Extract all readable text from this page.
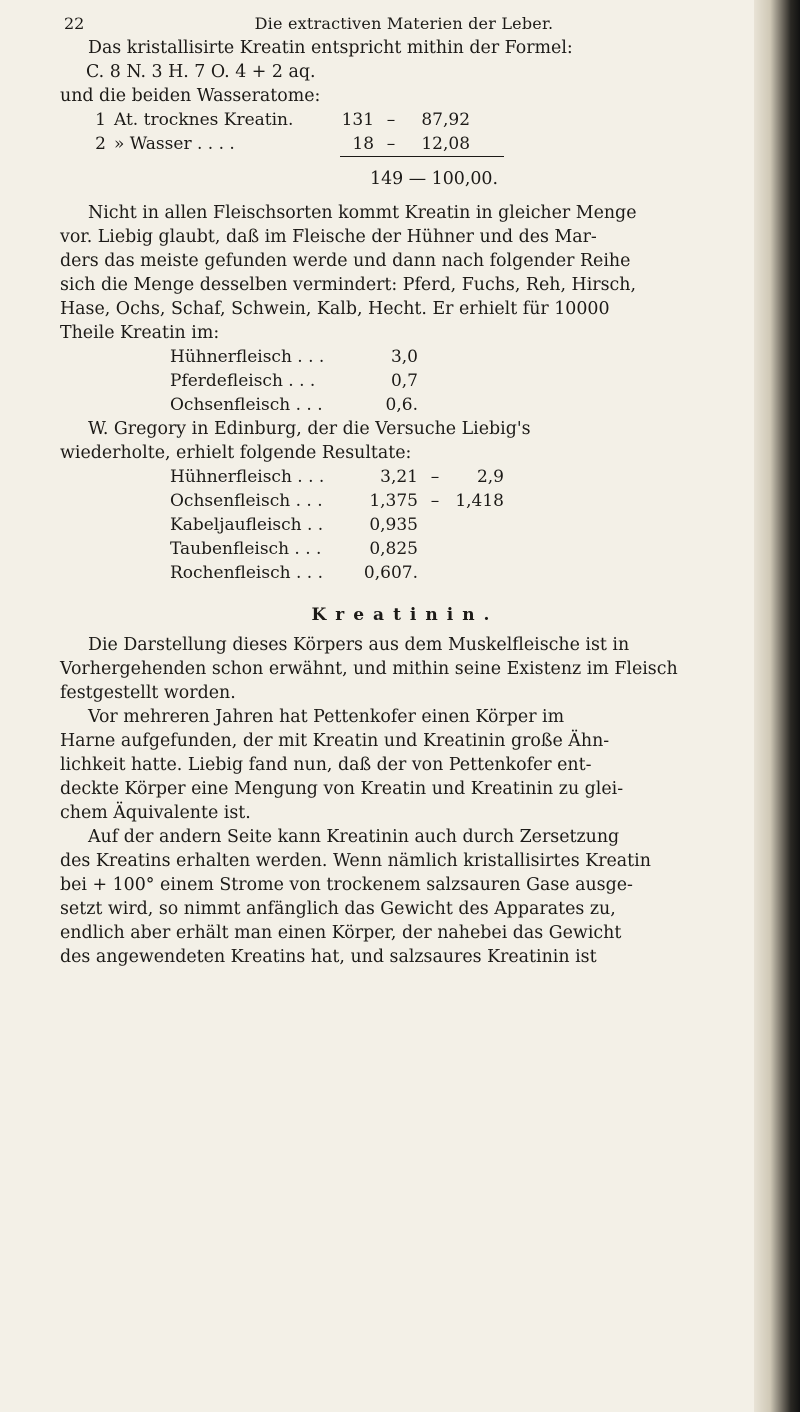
22	Die extractiven Materien der Leber.

Das kristallisirte Kreatin entspricht mithin der Formel:

C. 8 N. 3 H. 7 O. 4 + 2 aq.

und die beiden Wasseratome:

1	At. trocknes Kreatin	.	131	–	87,92
2	» Wasser . . . .		18	–	12,08

149 — 100,00.

Nicht in allen Fleischsorten kommt Kreatin in gleicher Menge

vor. Liebig glaubt, daß im Fleische der Hühner und des Mar-

ders das meiste gefunden werde und dann nach folgender Reihe

sich die Menge desselben vermindert: Pferd, Fuchs, Reh, Hirsch,

Hase, Ochs, Schaf, Schwein, Kalb, Hecht. Er erhielt für 10000

Theile Kreatin im:

Hühnerfleisch . . .	3,0		
Pferdefleisch . . .	0,7		
Ochsenfleisch . . .	0,6.		

W. Gregory in Edinburg, der die Versuche Liebig's

wiederholte, erhielt folgende Resultate:

Hühnerfleisch . . .	3,21	–	2,9
Ochsenfleisch . . .	1,375	–	1,418
Kabeljaufleisch . .	0,935		
Taubenfleisch . . .	0,825		
Rochenfleisch . . .	0,607.		

Kreatinin.

Die Darstellung dieses Körpers aus dem Muskelfleische ist in

Vorhergehenden schon erwähnt, und mithin seine Existenz im Fleisch

festgestellt worden.

Vor mehreren Jahren hat Pettenkofer einen Körper im

Harne aufgefunden, der mit Kreatin und Kreatinin große Ähn-

lichkeit hatte. Liebig fand nun, daß der von Pettenkofer ent-

deckte Körper eine Mengung von Kreatin und Kreatinin zu glei-

chem Äquivalente ist.

Auf der andern Seite kann Kreatinin auch durch Zersetzung

des Kreatins erhalten werden. Wenn nämlich kristallisirtes Kreatin

bei + 100° einem Strome von trockenem salzsauren Gase ausge-

setzt wird, so nimmt anfänglich das Gewicht des Apparates zu,

endlich aber erhält man einen Körper, der nahebei das Gewicht

des angewendeten Kreatins hat, und salzsaures Kreatinin ist
